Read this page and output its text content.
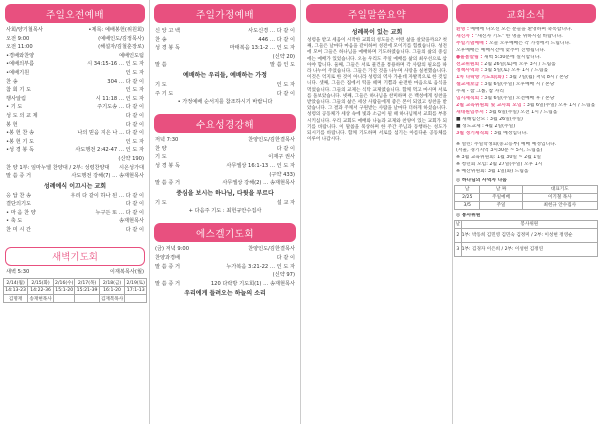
주일오전예배
사회/양기철목사	•제목: 예배봉헌(위원회)
오전 9:00	(예배인도/김정목사)
오전 11:00	(해설자/김철훈장로)
•경배와찬양	예배인도팀
•예배의부름	시 34:15-16 … 인 도 자
•예배기원	인 도 자
찬 송	304 … 다 같 이
참 회 기 도	인 도 자
행사알림	시 11:18 … 인 도 자
• 기 도	주기도송 … 다 같 이
성 도 의 교 제	다 같 이
봉 헌	다 같 이
•봉 헌 찬 송	나의 믿음 지은 나 ... 다 같 이
•봉 헌 기 도	인 도 자
•성 경 봉 독	사도행전 2:42-47 … 인 도 자
(신약 190)
찬 양 1부: 임마누엘 찬양대 / 2부: 성령찬양대 시온성가대
말 씀 증 거	사도행전 강해(7) … 송재현목사
성례예식 이끄시는 교회
응 답 찬 송	우리 다 같이 하나 된 … 다 같 이
결단의기도	다 같 이
• 마 음 찬 양	누구든 또 … 다 같 이
• 축 도	송재현목사
찬 미 시 간	다 같 이
새벽기도회
새벽 5:30	이재복목사(월)
2/14(월)	2/15(화)	2/16(수)	2/17(목)	2/18(금)	2/19(토)
14:13-23	14:22-36	15:1-20	15:21-39	16:1-20	17:1-13
김명재	송재현목사			김재복목사	
주일가정예배
신 앙 고 백	사도신경 … 다 같 이
찬 송	446 … 다 같 이
성 경 봉 독	마태복음 13:1-2 … 인 도 자
(신약 20)
말 씀	말 씀 인 도
예배하는 우리들, 예배하는 가정
기 도	인 도 자
주 기 도	다 같 이
• 가정예배 순서지를 참조하시기 바랍니다
수요성경강해
저녁 7:30	찬양인도/김한결목사
찬 양	다 같 이
기 도	이재구 권사
성 경 봉 독	사무엘상 16:1-13 … 인 도 자
(구약 433)
말 씀 증 거	사무엘상 강해(2) … 송재현목사
중심을 보시는 하나님, 다윗을 부르다
기 도	설 교 자
+ 다음주 기도 : 최헌규안수집사
에스겔기도회
(금) 저녁 9:00	찬양인도/김한결목사
찬양과경배	다 같 이
말 씀 증 거	누가복음 3:21-22 … 인 도 자
(신약 97)
말 씀 증 거	120 다락방 기도회(1) … 송재현목사
우리에게 들려오는 하늘의 소리
주일말씀요약
성례복이 있는 교회
성령을 받고 세움이 시작한 교회의 성도들은 어떤 삶을 살았을까요? 첫째, 그들은 날마다 마음을 같이하여 성전에 모이기를 힘썼습니다. 성전에 모여 그들은 하나님을 예배하며 기도하였습니다. 그들의 삶의 중심에는 예배가 있었습니다. 오늘 우리도 주일 예배를 삶의 최우선으로 삼아야 합니다. 둘째, 그들은 서로 물건을 통용하며 각 사람의 필요를 따라 나누어 주었습니다. 그들은 가진 것을 나누며 사랑을 실천했습니다. 이것은 억지로 한 것이 아니라 성령의 역사 가운데 자발적으로 한 것입니다. 셋째, 그들은 집에서 떡을 떼며 기쁨과 순전한 마음으로 음식을 먹었습니다. 그들의 교제는 식탁 교제였습니다. 함께 먹고 마시며 서로를 돌보았습니다. 넷째, 그들은 하나님을 찬미하며 온 백성에게 칭찬을 받았습니다. 그들의 삶은 세상 사람들에게 좋은 본이 되었고 칭찬을 받았습니다. 그 결과 주께서 구원받는 사람을 날마다 더하게 하셨습니다. 성령의 공동체가 세상 속에 빛과 소금이 될 때 하나님께서 교회를 부흥시키십니다. 우리 교회도 예배와 나눔과 교제와 찬양이 있는 교회가 되기를 바랍니다. 이 말씀을 묵상하며 한 주간 주님과 동행하는 성도가 되시기를 바랍니다. 함께 기도하며 서로를 섬기는 아름다운 공동체를 이루어 나갑시다.
교회소식
환영 : 예배에 나오신 모든 분들을 환영하며 축복합니다.
새신자 : "새신자 기도" 한 명을 위하시길 바랍니다.
주일기념예배 : 오늘 오후예배는 각 가정에서 드립니다.
오후예배는 예배시간에 맞추어 진행됩니다.
●돌봄알림 : 새벽 5:30분에 실시합니다.
선교위원회 : 2월 26일(토)에 오후 3시 / 드림홀
정책사역과 : 3월 5일(토) 오후 1시 / 드림홀
1차 다락방 기도회(화) : 3월 7일(월) 저녁 8시 / 본당
셀교재보급 : 3월 6일(주일) 오후예배 시 / 본당
주제 - 참 그룹, 참 자리
임시제직회 : 3월 6일(주일) 오전예배 후 / 본당
2월 교육위원회 및 교사회 모임 : 3월 6일(주일) 오후 1시 / 드림홀
새대원임부서 : 3월 6일(주일) 오전 1시 / 드림홀
■ 새해임산모 : 3월 26일(주일)
■ 성도교제 : 4월 2일(주일)
3월 정기제직회 : 3월 예정입니다.
※ 열린: 주일학생회(중고등부) 예배 예정입니다.
(서울, 경기지역 3시30분 ~ 5시, 드림홀)
※ 3월 교육위원회: 1월 30일 ~ 2월 1일
※ 청년회 모임: 2월 27일(주일) 오후 1시
※ 예산위원회: 3월 1일(화) 드림홀
◎ 하나님의 사역자 나눔
날	날 짜	대표기도
2/25	주일예배	이기철 목사
3/5	주일	최헌규 안수집사
◎ 봉사위원
날	봉사위원
2	1부: 박동희 김민영 김민숙 김정미 / 2부: 이성현 정영순
3	1부: 김경자 이은희 / 2부: 이성현 김정연
